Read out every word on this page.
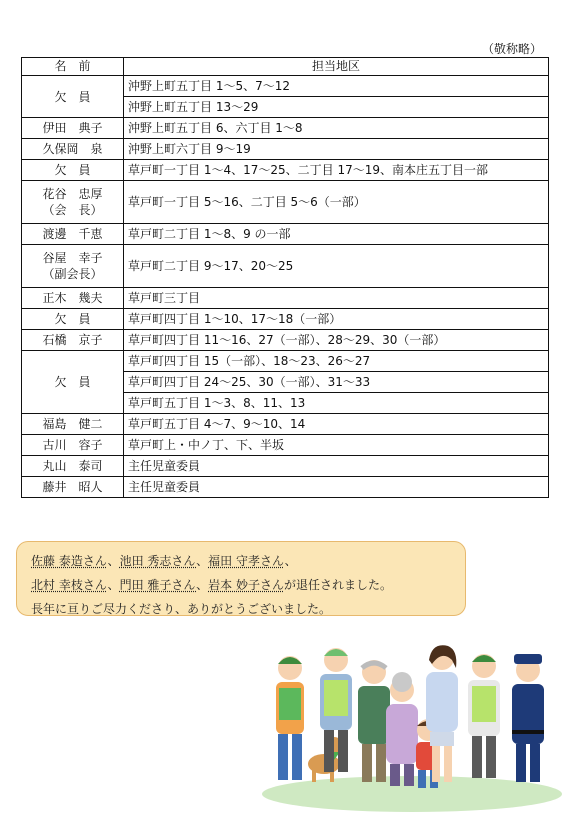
（敬称略）
名　前	担当地区
欠　員	沖野上町五丁目 1～5、7～12
	沖野上町五丁目 13～29
伊田　典子	沖野上町五丁目 6、六丁目 1～8
久保岡　泉	沖野上町六丁目 9～19
欠　員	草戸町一丁目 1～4、17～25、二丁目 17～19、南本庄五丁目一部

花谷　忠厚
（会　長）	草戸町一丁目 5～16、二丁目 5～6（一部）
渡邊　千恵	草戸町二丁目 1～8、9 の一部

谷屋　幸子
（副会長）	草戸町二丁目 9～17、20～25
正木　幾夫	草戸町三丁目
欠　員	草戸町四丁目 1～10、17～18（一部）
石橋　京子	草戸町四丁目 11～16、27（一部）、28～29、30（一部）
欠　員	草戸町四丁目 15（一部）、18～23、26～27
	草戸町四丁目 24～25、30（一部）、31～33
	草戸町五丁目 1～3、8、11、13
福島　健二	草戸町五丁目 4～7、9～10、14
古川　容子	草戸町上・中ノ丁、下、半坂
丸山　泰司	主任児童委員
藤井　昭人	主任児童委員
佐藤 泰造さん、池田 秀志さん、福田 守孝さん、
北村 幸枝さん、門田 雅子さん、岩本 妙子さんが退任されました。
長年に亘りご尽力くださり、ありがとうございました。
